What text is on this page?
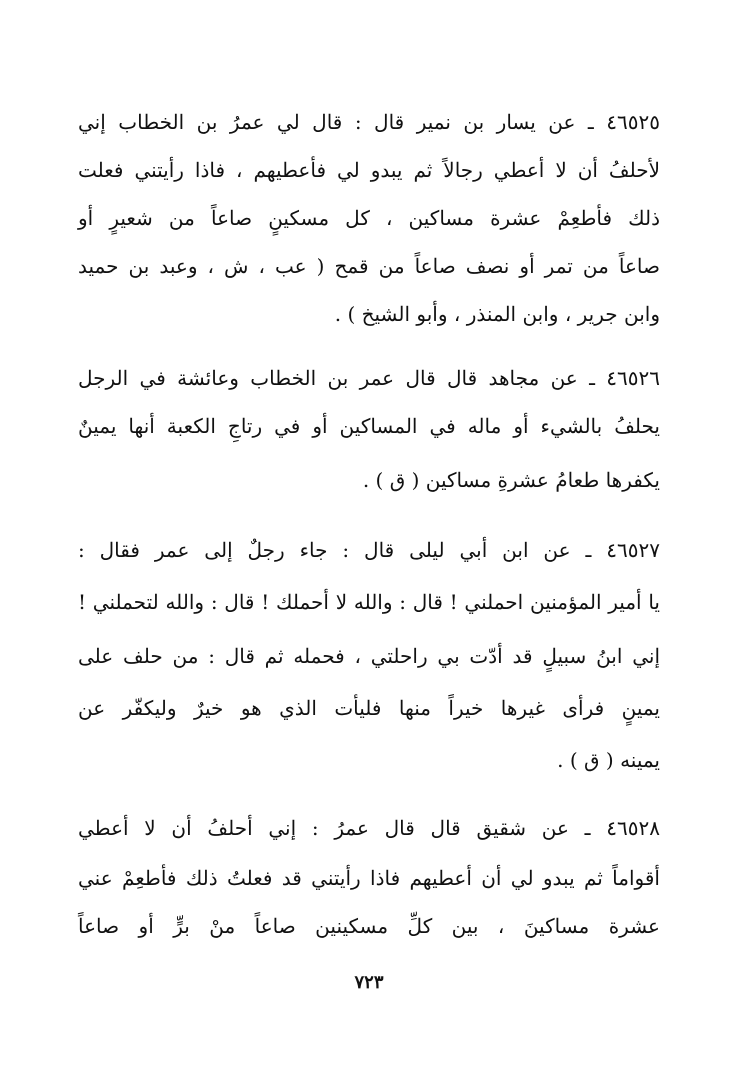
٤٦٥٢٥ ـ عن يسار بن نمير قال : قال لي عمرُ بن الخطاب إني
لأحلفُ أن لا أعطي رجالاً ثم يبدو لي فأعطيهم ، فاذا رأيتني فعلت
ذلك فأطعِمْ عشرة مساكين ، كل مسكينٍ صاعاً من شعيرٍ أو
صاعاً من تمر أو نصف صاعاً من قمح ( عب ، ش ، وعبد بن حميد
وابن جرير ، وابن المنذر ، وأبو الشيخ ) .
٤٦٥٢٦ ـ عن مجاهد قال قال عمر بن الخطاب وعائشة في الرجل
يحلفُ بالشيء أو ماله في المساكين أو في رتاجِ الكعبة أنها يمينٌ
يكفرها طعامُ عشرةِ مساكين ( ق ) .
٤٦٥٢٧ ـ عن ابن أبي ليلى قال : جاء رجلٌ إلى عمر فقال :
يا أمير المؤمنين احملني ! قال : والله لا أحملك ! قال : والله لتحملني !
إني ابنُ سبيلٍ قد أدّت بي راحلتي ، فحمله ثم قال : من حلف على
يمينٍ فرأى غيرها خيراً منها فليأت الذي هو خيرٌ وليكفّر عن
يمينه ( ق ) .
٤٦٥٢٨ ـ عن شقيق قال قال عمرُ : إني أحلفُ أن لا أعطي
أقواماً ثم يبدو لي أن أعطيهم فاذا رأيتني قد فعلتُ ذلك فأطعِمْ عني
عشرة مساكينَ ، بين كلِّ مسكينين صاعاً منْ برٍّ أو صاعاً
٧٢٣
